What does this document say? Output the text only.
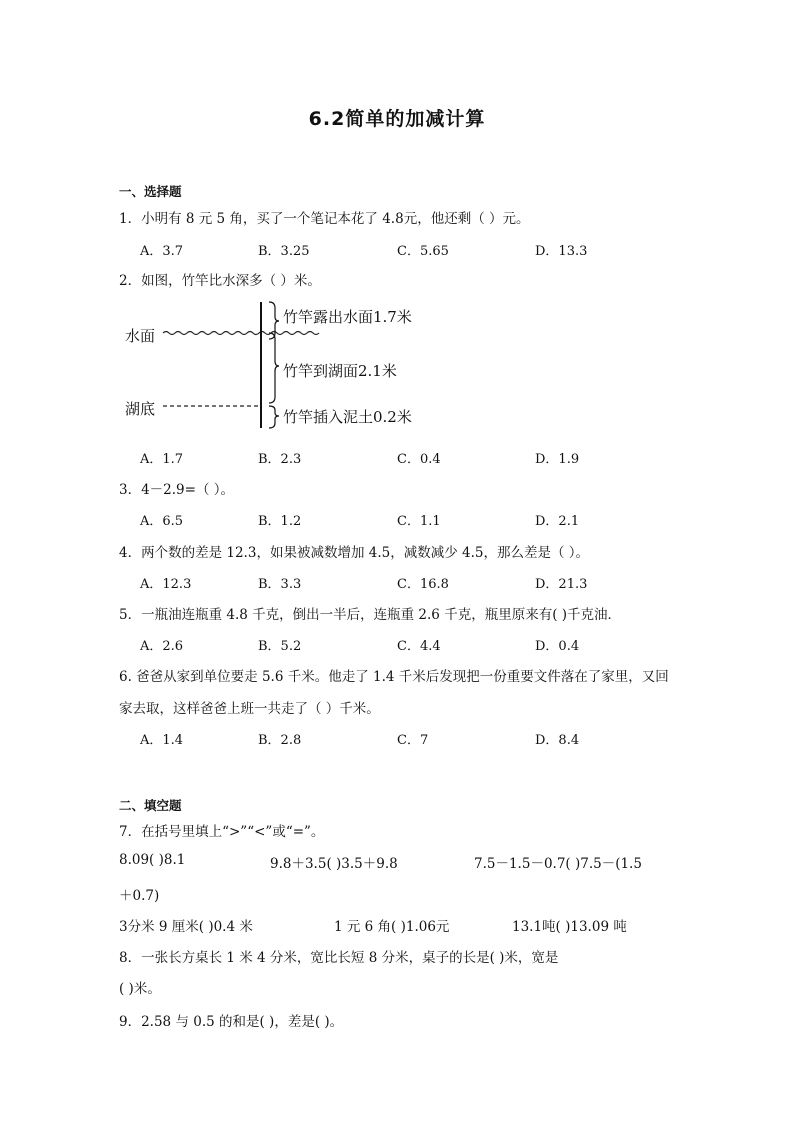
6.2简单的加减计算
一、选择题
1．小明有 8 元 5 角，买了一个笔记本花了 4.8元，他还剩（ ）元。
A．3.7	B．3.25	C．5.65	D．13.3
2．如图，竹竿比水深多（ ）米。
水面
湖底
竹竿露出水面1.7米
竹竿到湖面2.1米
竹竿插入泥土0.2米
A．1.7	B．2.3	C．0.4	D．1.9
3．4－2.9=（ ）。
A．6.5	B．1.2	C．1.1	D．2.1
4．两个数的差是 12.3，如果被减数增加 4.5，减数减少 4.5，那么差是（ ）。
A．12.3	B．3.3	C．16.8	D．21.3
5．一瓶油连瓶重 4.8 千克，倒出一半后，连瓶重 2.6 千克，瓶里原来有( )千克油．
A．2.6	B．5.2	C．4.4	D．0.4
6. 爸爸从家到单位要走 5.6 千米。他走了 1.4 千米后发现把一份重要文件落在了家里，又回
家去取，这样爸爸上班一共走了（ ）千米。
A．1.4	B．2.8	C．7	D．8.4
二、填空题
7．在括号里填上“>”“<”或“=”。
8.09( )8.1	9.8＋3.5( )3.5＋9.8	7.5－1.5－0.7( )7.5－(1.5
＋0.7)
3分米 9 厘米( )0.4 米	1 元 6 角( )1.06元	13.1吨( )13.09 吨
8．一张长方桌长 1 米 4 分米，宽比长短 8 分米，桌子的长是( )米，宽是
( )米。
9．2.58 与 0.5 的和是( )，差是( )。
